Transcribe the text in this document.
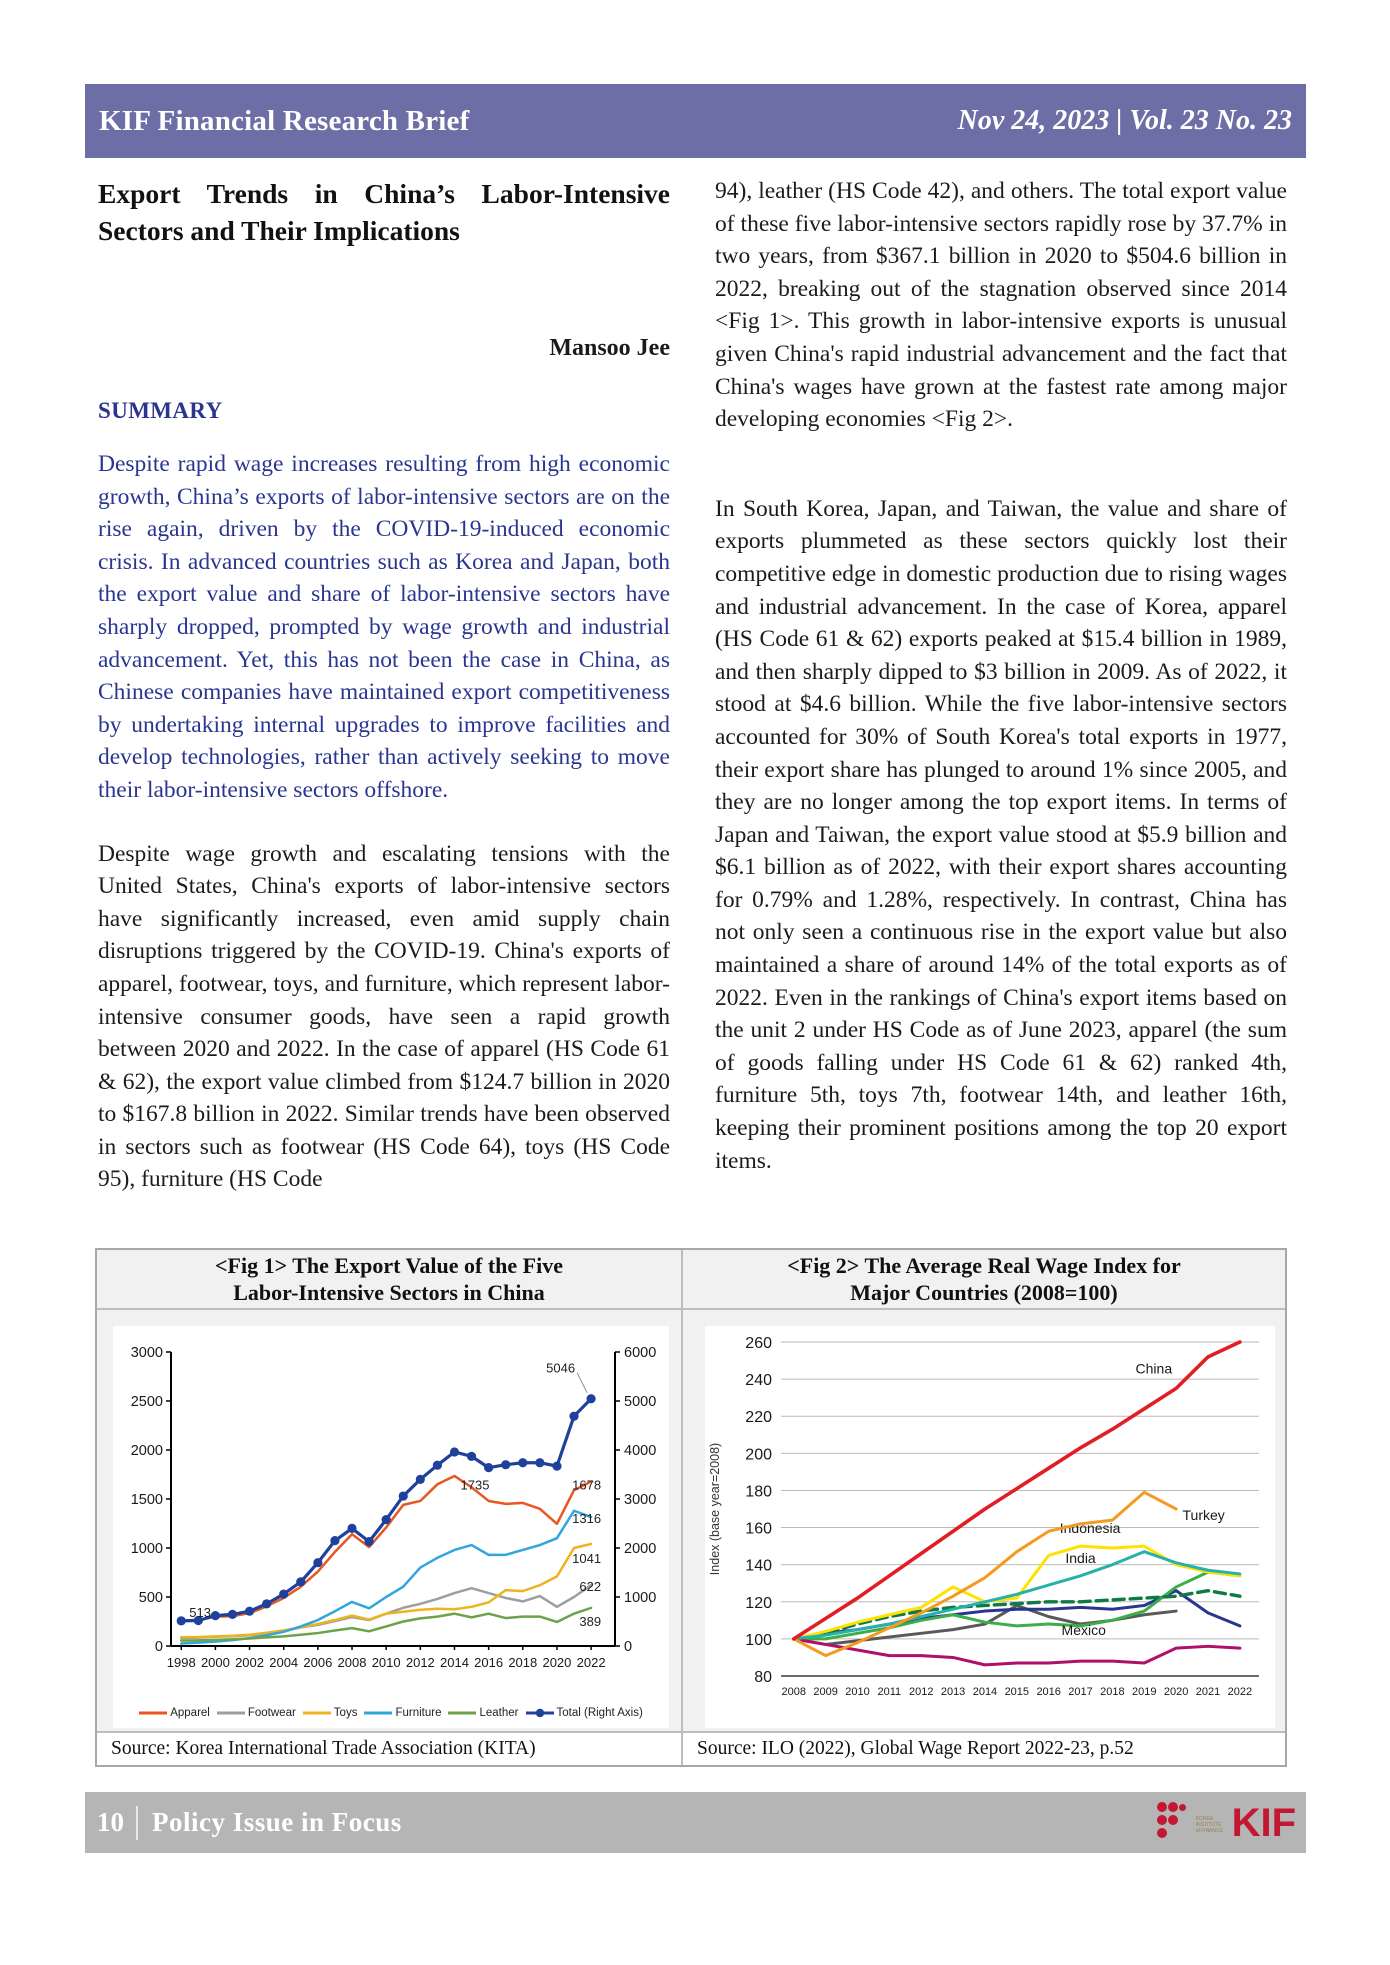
KIF Financial Research Brief	Nov 24, 2023 | Vol. 23 No. 23
Export Trends in China’s Labor-Intensive Sectors and Their Implications
Mansoo Jee
SUMMARY
Despite rapid wage increases resulting from high economic growth, China’s exports of labor-intensive sectors are on the rise again, driven by the COVID-19-induced economic crisis. In advanced countries such as Korea and Japan, both the export value and share of labor-intensive sectors have sharply dropped, prompted by wage growth and industrial advancement. Yet, this has not been the case in China, as Chinese companies have maintained export competitiveness by undertaking internal upgrades to improve facilities and develop technologies, rather than actively seeking to move their labor-intensive sectors offshore.
Despite wage growth and escalating tensions with the United States, China's exports of labor-intensive sectors have significantly increased, even amid supply chain disruptions triggered by the COVID-19. China's exports of apparel, footwear, toys, and furniture, which represent labor-intensive consumer goods, have seen a rapid growth between 2020 and 2022. In the case of apparel (HS Code 61 & 62), the export value climbed from $124.7 billion in 2020 to $167.8 billion in 2022. Similar trends have been observed in sectors such as footwear (HS Code 64), toys (HS Code 95), furniture (HS Code
94), leather (HS Code 42), and others. The total export value of these five labor-intensive sectors rapidly rose by 37.7% in two years, from $367.1 billion in 2020 to $504.6 billion in 2022, breaking out of the stagnation observed since 2014 <Fig 1>. This growth in labor-intensive exports is unusual given China's rapid industrial advancement and the fact that China's wages have grown at the fastest rate among major developing economies <Fig 2>.
In South Korea, Japan, and Taiwan, the value and share of exports plummeted as these sectors quickly lost their competitive edge in domestic production due to rising wages and industrial advancement. In the case of Korea, apparel (HS Code 61 & 62) exports peaked at $15.4 billion in 1989, and then sharply dipped to $3 billion in 2009. As of 2022, it stood at $4.6 billion. While the five labor-intensive sectors accounted for 30% of South Korea's total exports in 1977, their export share has plunged to around 1% since 2005, and they are no longer among the top export items. In terms of Japan and Taiwan, the export value stood at $5.9 billion and $6.1 billion as of 2022, with their export shares accounting for 0.79% and 1.28%, respectively. In contrast, China has not only seen a continuous rise in the export value but also maintained a share of around 14% of the total exports as of 2022. Even in the rankings of China's export items based on the unit 2 under HS Code as of June 2023, apparel (the sum of goods falling under HS Code 61 & 62) ranked 4th, furniture 5th, toys 7th, footwear 14th, and leather 16th, keeping their prominent positions among the top 20 export items.
<Fig 1> The Export Value of the Five
Labor-Intensive Sectors in China
<Fig 2> The Average Real Wage Index for
Major Countries (2008=100)
0
500
1000
1500
2000
2500
3000
0
1000
2000
3000
4000
5000
6000
1998 2000 2002 2004 2006 2008 2010 2012 2014 2016 2018 2020 2022
513
5046
1735	1678
1316
1041
622
389
Apparel	Footwear	Toys	Furniture	Leather	Total (Right Axis)
80
100
120
140
160
180
200
220
240
260
2008 2009 2010 2011 2012 2013 2014 2015 2016 2017 2018 2019 2020 2021 2022
Index (base year=2008)
Mexico
Indonesia
India
Turkey
China
Source: Korea International Trade Association (KITA)	Source: ILO (2022), Global Wage Report 2022-23, p.52
10 Policy Issue in Focus	KOREA INSTITUTE of FINANCE KIF
